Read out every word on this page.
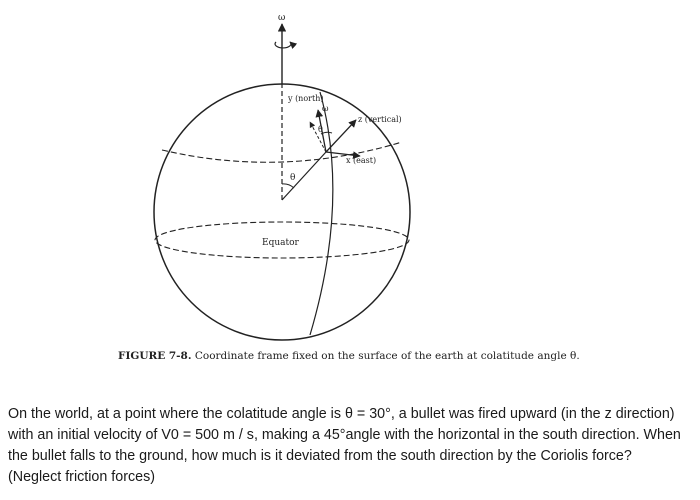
ω
θ
θ
y (north)
ω
z (vertical)
x (east)
Equator
FIGURE 7-8. Coordinate frame fixed on the surface of the earth at colatitude angle θ.
On the world, at a point where the colatitude angle is θ = 30°, a bullet was fired upward (in the z direction) with an initial velocity of V0 = 500 m / s, making a 45°angle with the horizontal in the south direction. When the bullet falls to the ground, how much is it deviated from the south direction by the Coriolis force? (Neglect friction forces)
